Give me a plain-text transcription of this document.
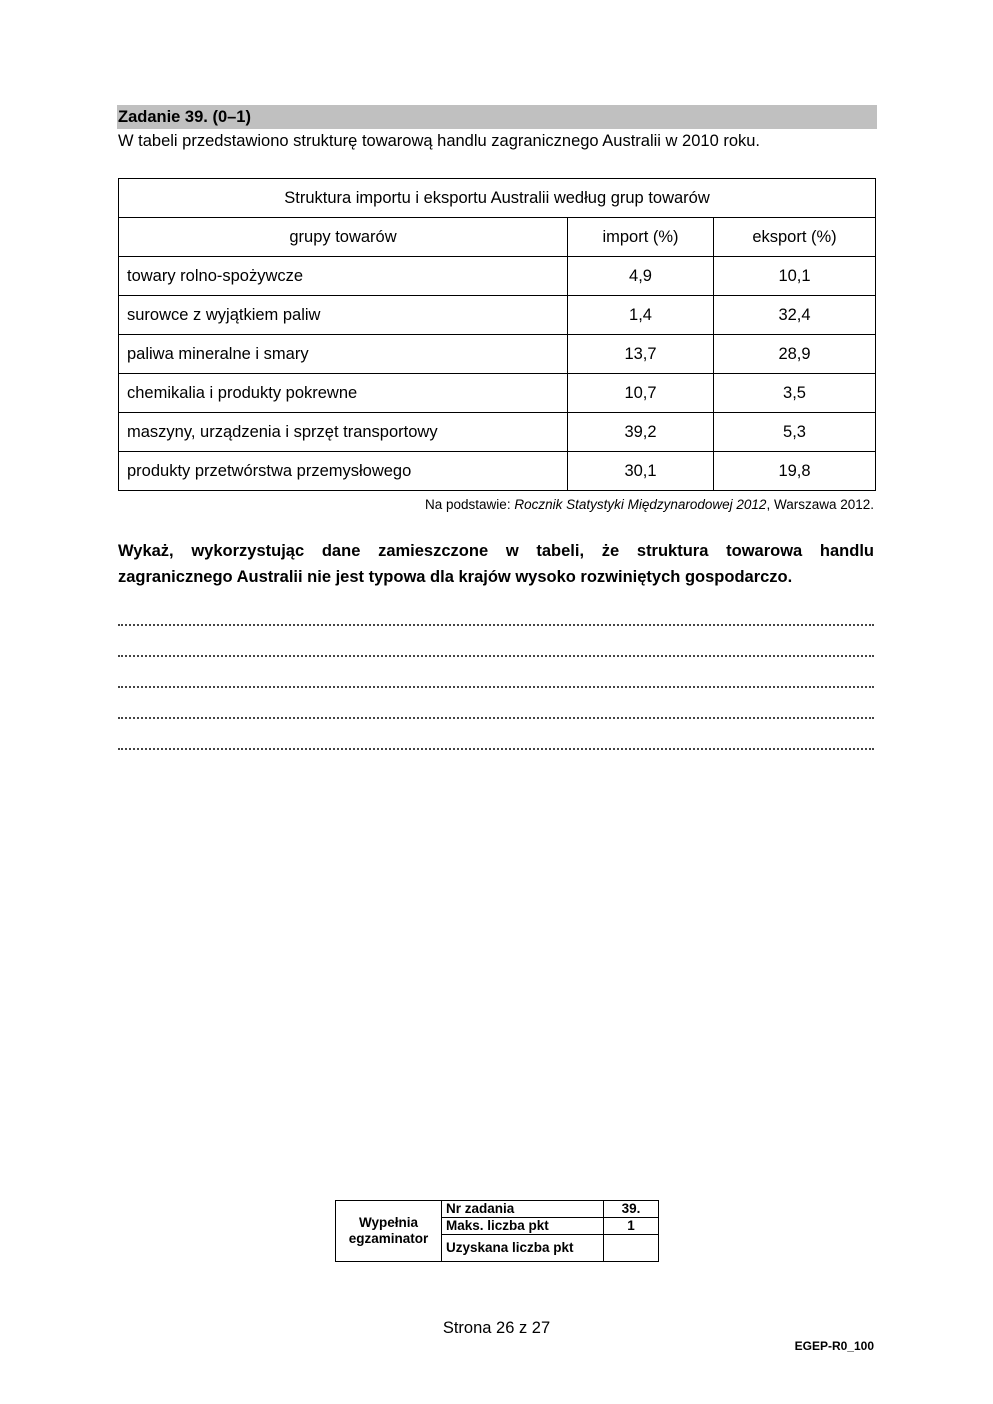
Zadanie 39. (0–1)
W tabeli przedstawiono strukturę towarową handlu zagranicznego Australii w 2010 roku.
Struktura importu i eksportu Australii według grup towarów		
grupy towarów	import (%)	eksport (%)
towary rolno-spożywcze	4,9	10,1
surowce z wyjątkiem paliw	1,4	32,4
paliwa mineralne i smary	13,7	28,9
chemikalia i produkty pokrewne	10,7	3,5
maszyny, urządzenia i sprzęt transportowy	39,2	5,3
produkty przetwórstwa przemysłowego	30,1	19,8
Na podstawie: Rocznik Statystyki Międzynarodowej 2012, Warszawa 2012.
Wykaż, wykorzystując dane zamieszczone w tabeli, że struktura towarowa handlu zagranicznego Australii nie jest typowa dla krajów wysoko rozwiniętych gospodarczo.
Wypełnia egzaminator	Nr zadania	39.
	Maks. liczba pkt	1
	Uzyskana liczba pkt	
Strona 26 z 27
EGEP-R0_100
